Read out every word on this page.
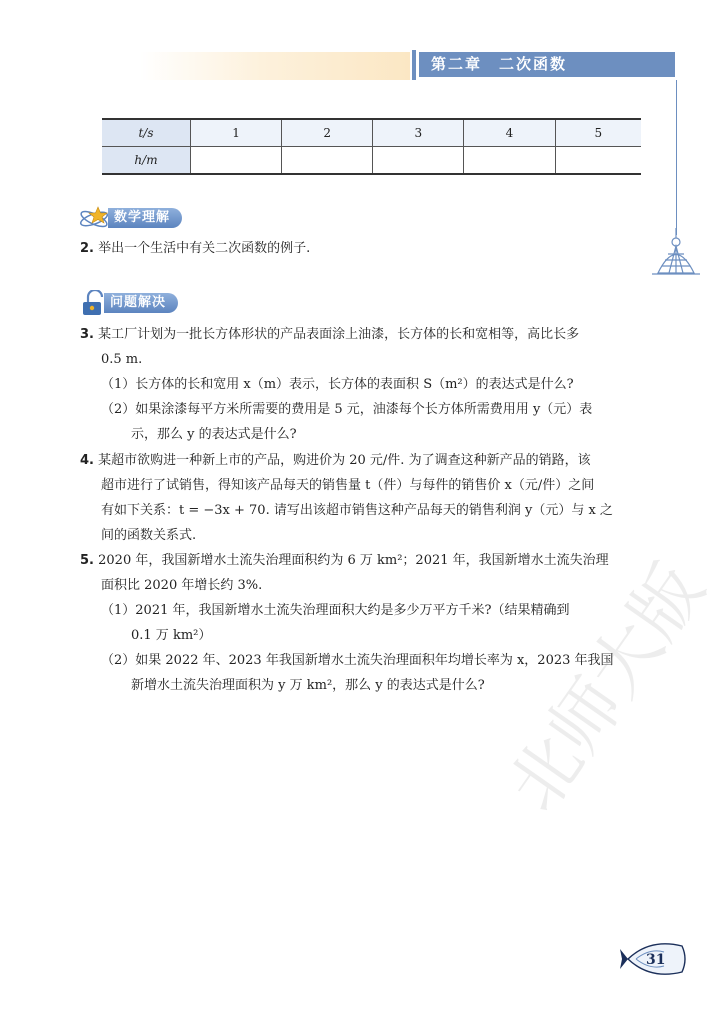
第二章　二次函数
t/s	1	2	3	4	5
h/m					
数学理解
2. 举出一个生活中有关二次函数的例子.
问题解决
3. 某工厂计划为一批长方体形状的产品表面涂上油漆，长方体的长和宽相等，高比长多
0.5 m.
（1）长方体的长和宽用 x（m）表示，长方体的表面积 S（m²）的表达式是什么?
（2）如果涂漆每平方米所需要的费用是 5 元，油漆每个长方体所需费用用 y（元）表
示，那么 y 的表达式是什么?
4. 某超市欲购进一种新上市的产品，购进价为 20 元/件. 为了调查这种新产品的销路，该
超市进行了试销售，得知该产品每天的销售量 t（件）与每件的销售价 x（元/件）之间
有如下关系：t = −3x + 70. 请写出该超市销售这种产品每天的销售利润 y（元）与 x 之
间的函数关系式.
5. 2020 年，我国新增水土流失治理面积约为 6 万 km²；2021 年，我国新增水土流失治理
面积比 2020 年增长约 3%.
（1）2021 年，我国新增水土流失治理面积大约是多少万平方千米?（结果精确到
0.1 万 km²）
（2）如果 2022 年、2023 年我国新增水土流失治理面积年均增长率为 x，2023 年我国
新增水土流失治理面积为 y 万 km²，那么 y 的表达式是什么? 北师大版
31
